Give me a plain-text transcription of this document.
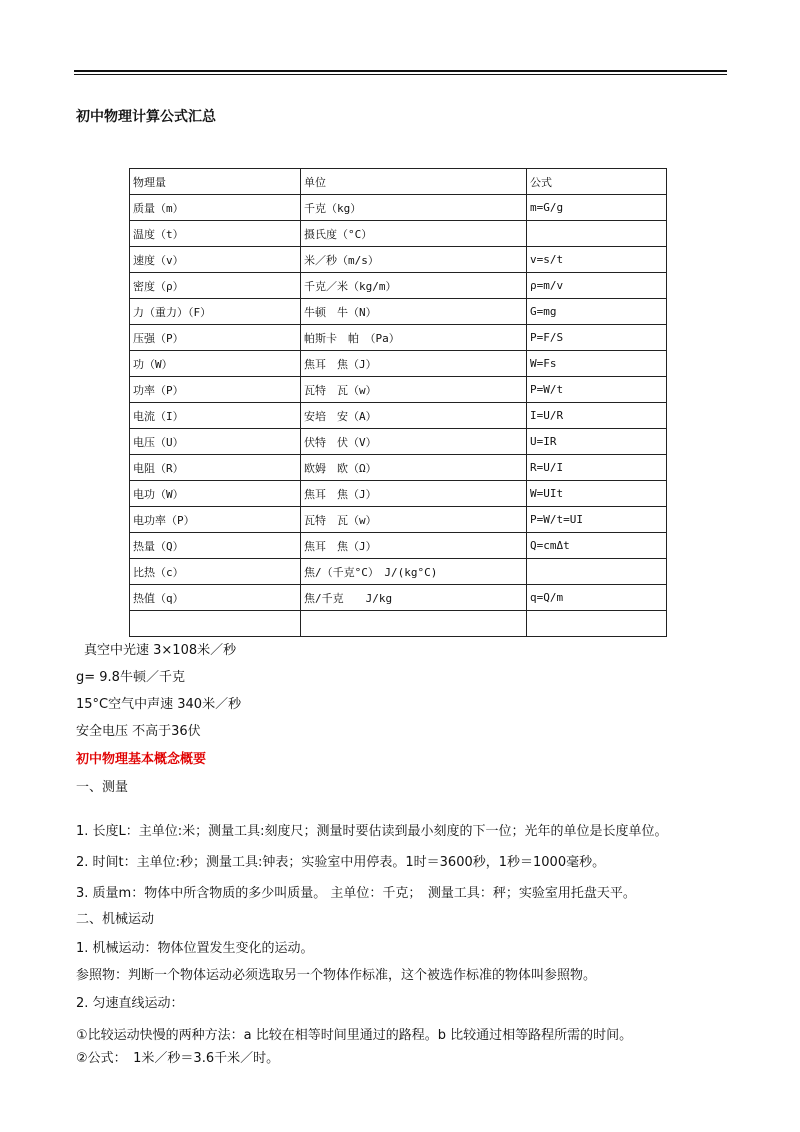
初中物理计算公式汇总
物理量	单位	公式
质量（m）	千克（kg）	m=G/g
温度（t）	摄氏度（°C）	
速度（v）	米／秒（m/s）	v=s/t
密度（ρ）	千克／米（kg/m）	ρ=m/v
力（重力）（F）	牛顿　牛（N）	G=mg
压强（P）	帕斯卡　帕　（Pa）	P=F/S
功（W）	焦耳　焦（J）	W=Fs
功率（P）	瓦特　瓦（w）	P=W/t
电流（I）	安培　安（A）	I=U/R
电压（U）	伏特　伏（V）	U=IR
电阻（R）	欧姆　欧（Ω）	R=U/I
电功（W）	焦耳　焦（J）	W=UIt
电功率（P）	瓦特　瓦（w）	P=W/t=UI
热量（Q）	焦耳　焦（J）	Q=cmΔt
比热（c）	焦/（千克°C）　J/(kg°C)	
热值（q）	焦/千克　　J/kg	q=Q/m

真空中光速 3×108米／秒
g= 9.8牛顿／千克
15°C空气中声速 340米／秒
安全电压 不高于36伏
初中物理基本概念概要
一、测量
1. 长度L：主单位:米；测量工具:刻度尺；测量时要估读到最小刻度的下一位；光年的单位是长度单位。
2. 时间t：主单位:秒；测量工具:钟表；实验室中用停表。1时＝3600秒，1秒＝1000毫秒。
3. 质量m：物体中所含物质的多少叫质量。 主单位：千克；　测量工具：秤；实验室用托盘天平。
二、机械运动
1. 机械运动：物体位置发生变化的运动。
参照物：判断一个物体运动必须选取另一个物体作标准，这个被选作标准的物体叫参照物。
2. 匀速直线运动：
①比较运动快慢的两种方法：a 比较在相等时间里通过的路程。b 比较通过相等路程所需的时间。
②公式：　1米／秒＝3.6千米／时。
